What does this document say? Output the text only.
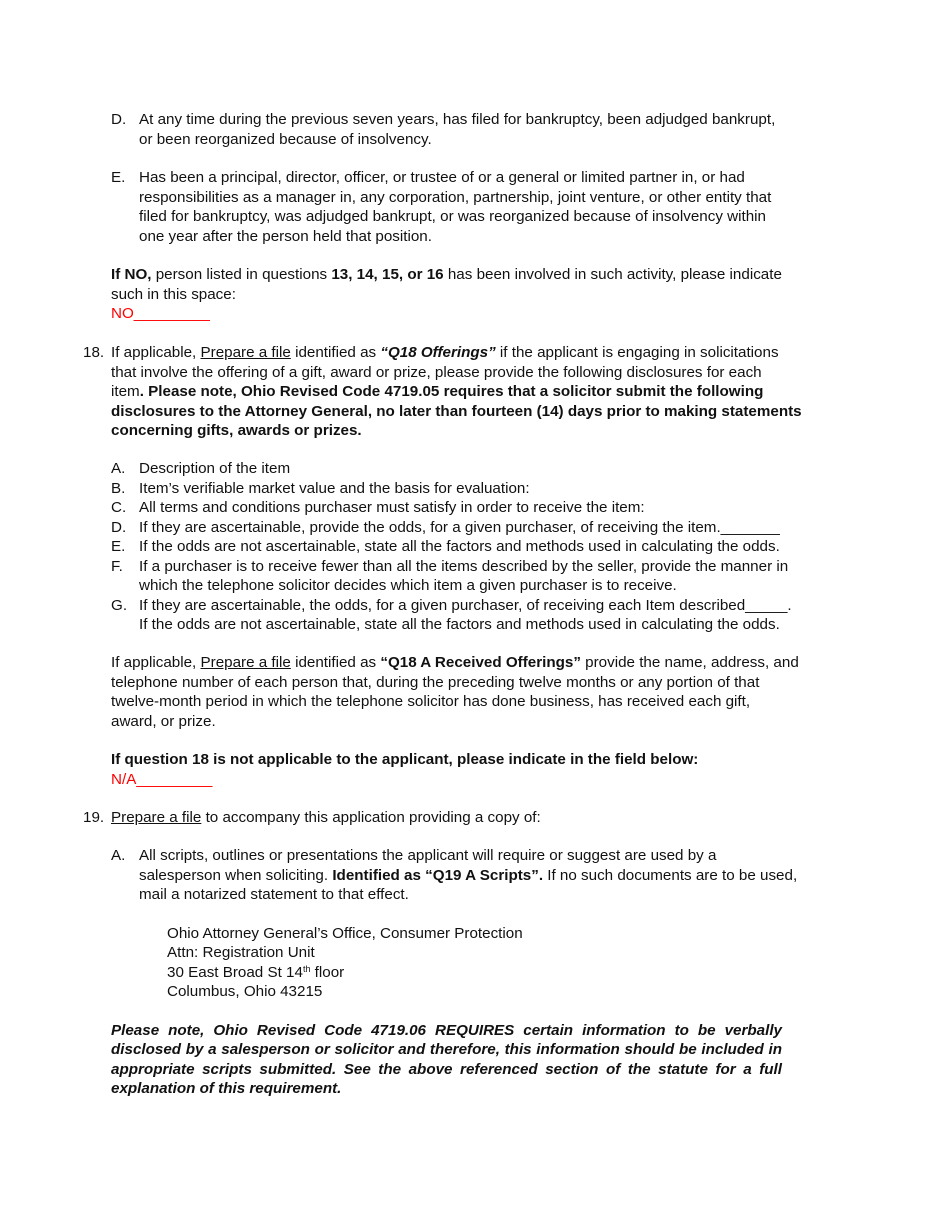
D. At any time during the previous seven years, has filed for bankruptcy, been adjudged bankrupt,
or been reorganized because of insolvency.
E. Has been a principal, director, officer, or trustee of or a general or limited partner in, or had
responsibilities as a manager in, any corporation, partnership, joint venture, or other entity that
filed for bankruptcy, was adjudged bankrupt, or was reorganized because of insolvency within
one year after the person held that position.
If NO, person listed in questions 13, 14, 15, or 16 has been involved in such activity, please indicate
such in this space:
NO_________
18. If applicable, Prepare a file identified as “Q18 Offerings” if the applicant is engaging in solicitations
that involve the offering of a gift, award or prize, please provide the following disclosures for each
item. Please note, Ohio Revised Code 4719.05 requires that a solicitor submit the following
disclosures to the Attorney General, no later than fourteen (14) days prior to making statements
concerning gifts, awards or prizes.
A. Description of the item
B. Item’s verifiable market value and the basis for evaluation:
C. All terms and conditions purchaser must satisfy in order to receive the item:
D. If they are ascertainable, provide the odds, for a given purchaser, of receiving the item._______
E. If the odds are not ascertainable, state all the factors and methods used in calculating the odds.
F. If a purchaser is to receive fewer than all the items described by the seller, provide the manner in
which the telephone solicitor decides which item a given purchaser is to receive.
G. If they are ascertainable, the odds, for a given purchaser, of receiving each Item described_____.
If the odds are not ascertainable, state all the factors and methods used in calculating the odds.
If applicable, Prepare a file identified as “Q18 A Received Offerings” provide the name, address, and
telephone number of each person that, during the preceding twelve months or any portion of that
twelve-month period in which the telephone solicitor has done business, has received each gift,
award, or prize.
If question 18 is not applicable to the applicant, please indicate in the field below:
N/A_________
19. Prepare a file to accompany this application providing a copy of:
A. All scripts, outlines or presentations the applicant will require or suggest are used by a
salesperson when soliciting. Identified as “Q19 A Scripts”. If no such documents are to be used,
mail a notarized statement to that effect.
Ohio Attorney General’s Office, Consumer Protection
Attn: Registration Unit
30 East Broad St 14th floor
Columbus, Ohio 43215
Please note, Ohio Revised Code 4719.06 REQUIRES certain information to be verbally disclosed by a salesperson or solicitor and therefore, this information should be included in appropriate scripts submitted. See the above referenced section of the statute for a full explanation of this requirement.
